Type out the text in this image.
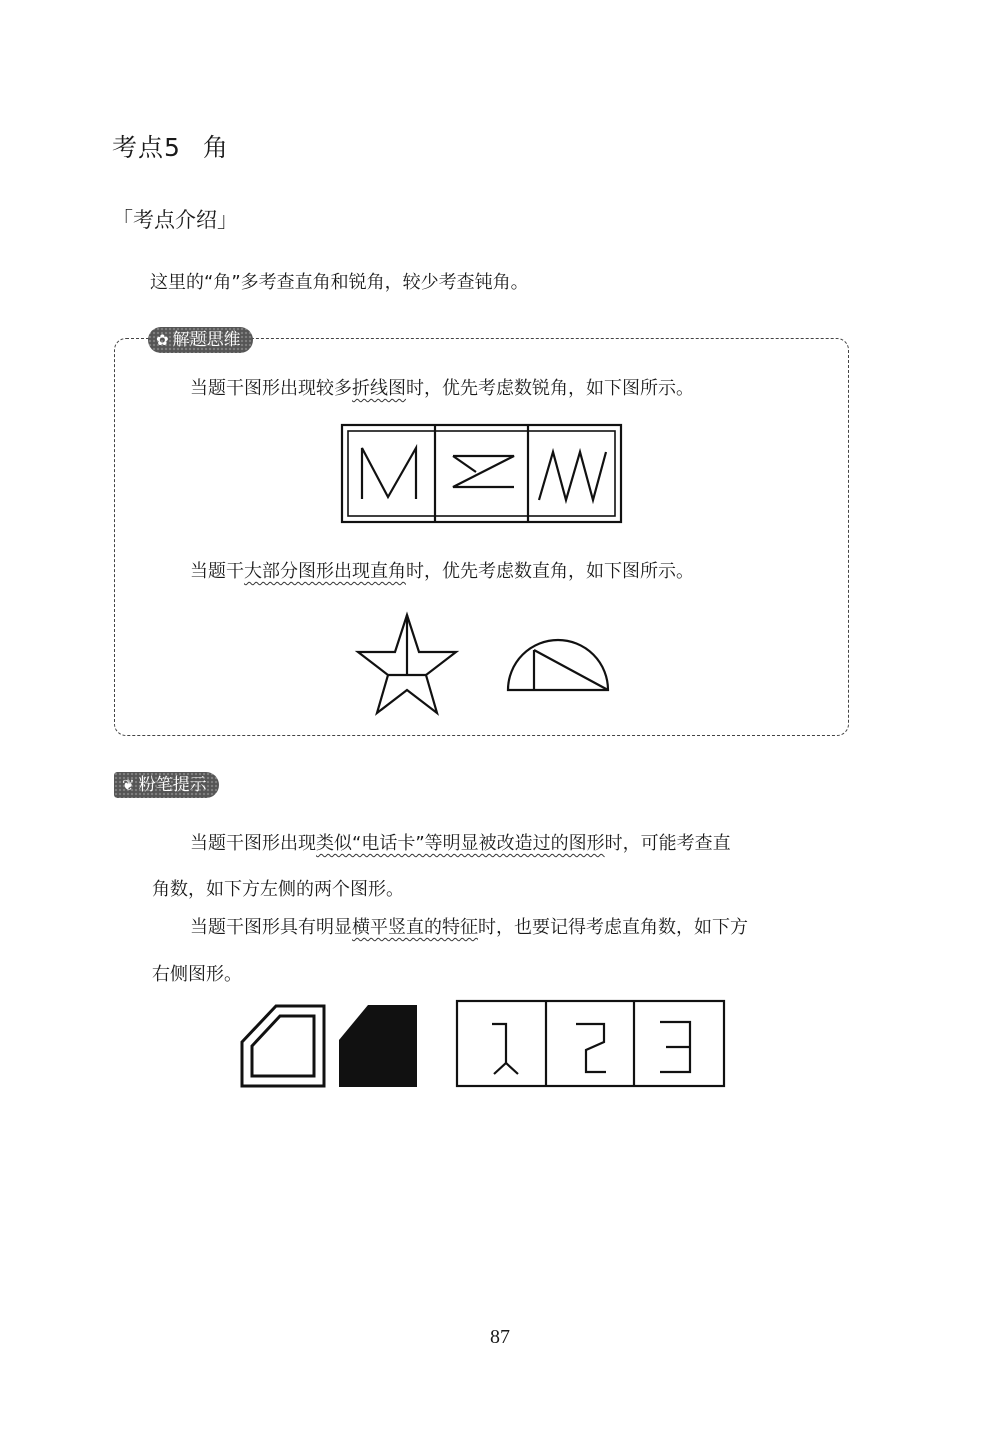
考点5 角
「考点介绍」
这里的“角”多考查直角和锐角，较少考查钝角。
✿ 解题思维
当题干图形出现较多折线图时，优先考虑数锐角，如下图所示。
当题干大部分图形出现直角时，优先考虑数直角，如下图所示。
❦ 粉笔提示
当题干图形出现类似“电话卡”等明显被改造过的图形时，可能考查直
角数，如下方左侧的两个图形。
当题干图形具有明显横平竖直的特征时，也要记得考虑直角数，如下方
右侧图形。
87
